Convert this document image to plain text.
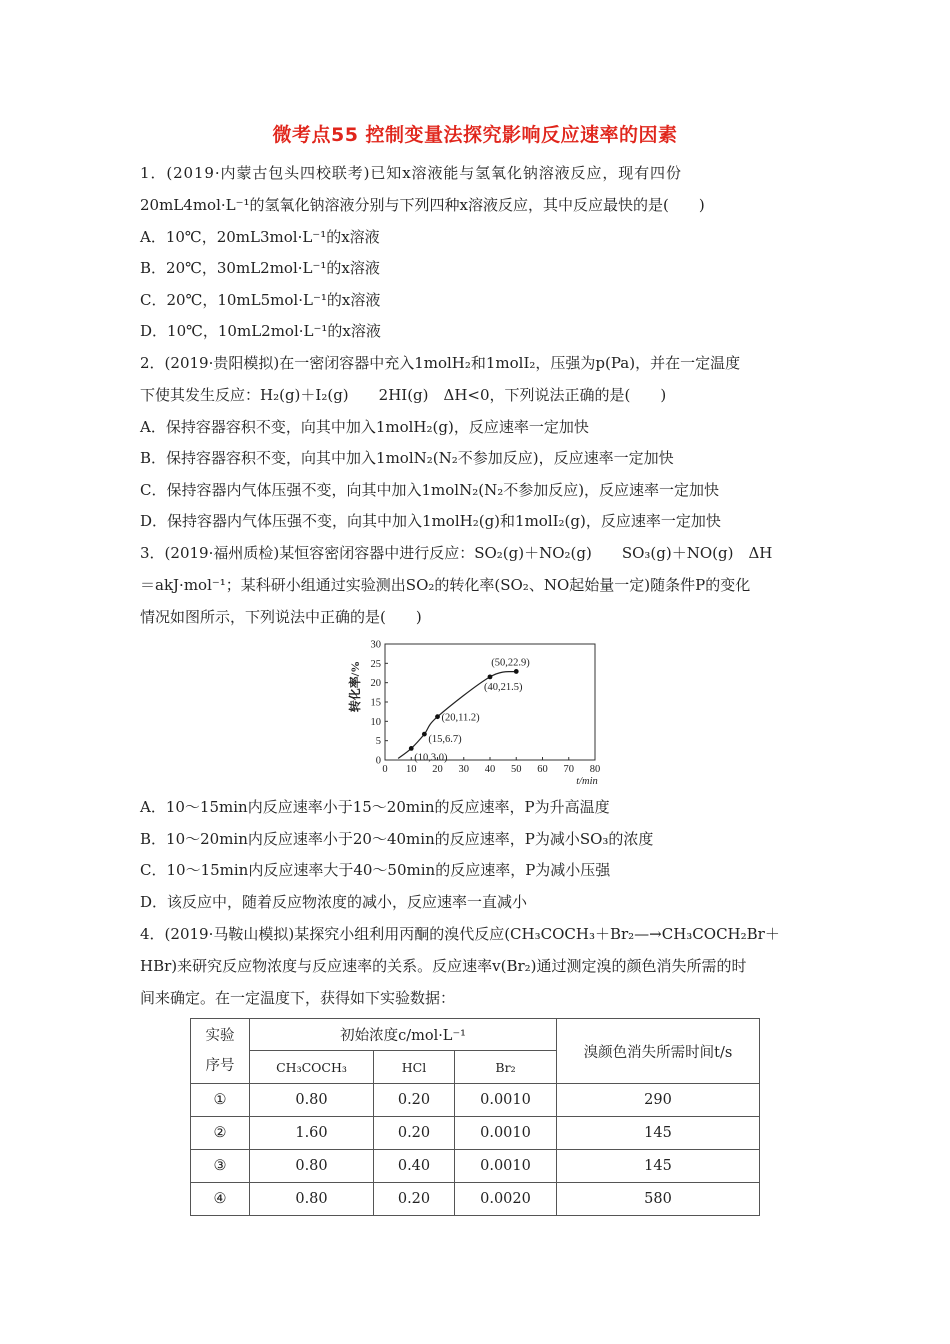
微考点55 控制变量法探究影响反应速率的因素
1．(2019·内蒙古包头四校联考)已知x溶液能与氢氧化钠溶液反应，现有四份
20mL4mol·L⁻¹的氢氧化钠溶液分别与下列四种x溶液反应，其中反应最快的是(　　)
A．10℃，20mL3mol·L⁻¹的x溶液
B．20℃，30mL2mol·L⁻¹的x溶液
C．20℃，10mL5mol·L⁻¹的x溶液
D．10℃，10mL2mol·L⁻¹的x溶液
2．(2019·贵阳模拟)在一密闭容器中充入1molH₂和1molI₂，压强为p(Pa)，并在一定温度
下使其发生反应：H₂(g)＋I₂(g)　　2HI(g)　ΔH<0，下列说法正确的是(　　)
A．保持容器容积不变，向其中加入1molH₂(g)，反应速率一定加快
B．保持容器容积不变，向其中加入1molN₂(N₂不参加反应)，反应速率一定加快
C．保持容器内气体压强不变，向其中加入1molN₂(N₂不参加反应)，反应速率一定加快
D．保持容器内气体压强不变，向其中加入1molH₂(g)和1molI₂(g)，反应速率一定加快
3．(2019·福州质检)某恒容密闭容器中进行反应：SO₂(g)＋NO₂(g)　　SO₃(g)＋NO(g)　ΔH
＝akJ·mol⁻¹；某科研小组通过实验测出SO₂的转化率(SO₂、NO起始量一定)随条件P的变化
情况如图所示，下列说法中正确的是(　　)
0 10 20 30 40 50 60 70 80
0
5
10
15
20
25
30
t/min
转化率/%
(10,3.0)
(15,6.7)
(20,11.2)
(40,21.5)
(50,22.9)
A．10～15min内反应速率小于15～20min的反应速率，P为升高温度
B．10～20min内反应速率小于20～40min的反应速率，P为减小SO₃的浓度
C．10～15min内反应速率大于40～50min的反应速率，P为减小压强
D．该反应中，随着反应物浓度的减小，反应速率一直减小
4．(2019·马鞍山模拟)某探究小组利用丙酮的溴代反应(CH₃COCH₃＋Br₂—→CH₃COCH₂Br＋
HBr)来研究反应物浓度与反应速率的关系。反应速率v(Br₂)通过测定溴的颜色消失所需的时
间来确定。在一定温度下，获得如下实验数据：
实验
序号	初始浓度c/mol·L⁻¹			溴颜色消失所需时间t/s
	CH₃COCH₃	HCl	Br₂	
①	0.80	0.20	0.0010	290
②	1.60	0.20	0.0010	145
③	0.80	0.40	0.0010	145
④	0.80	0.20	0.0020	580
